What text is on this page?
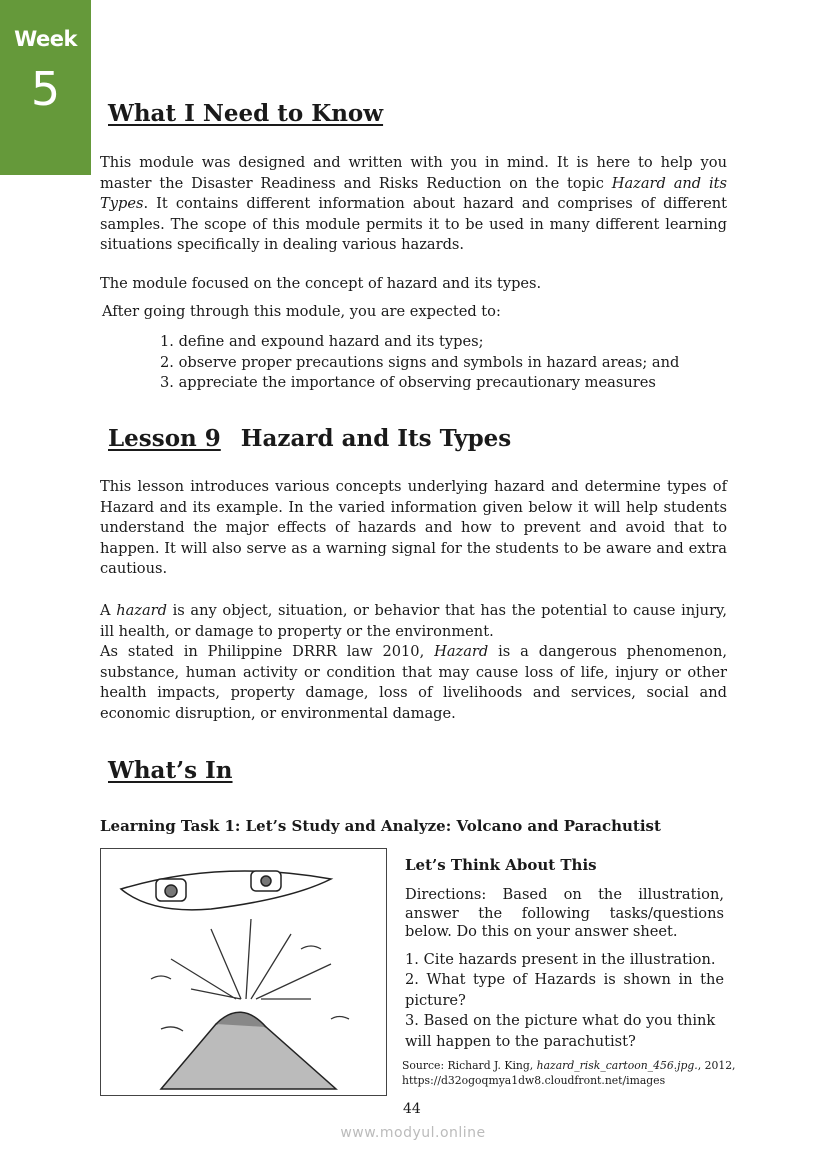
Week
5	What I Need to Know

This module was designed and written with you in mind. It is here to help you master the Disaster Readiness and Risks Reduction on the topic Hazard and its Types. It contains different information about hazard and comprises of different samples. The scope of this module permits it to be used in many different learning situations specifically in dealing various hazards.

The module focused on the concept of hazard and its types.

After going through this module, you are expected to:

1. define and expound hazard and its types;
2. observe proper precautions signs and symbols in hazard areas; and
3. appreciate the importance of observing precautionary measures
Lesson 9 Hazard and Its Types

This lesson introduces various concepts underlying hazard and determine types of Hazard and its example. In the varied information given below it will help students understand the major effects of hazards and how to prevent and avoid that to happen. It will also serve as a warning signal for the students to be aware and extra cautious.

A hazard is any object, situation, or behavior that has the potential to cause injury, ill health, or damage to property or the environment.

As stated in Philippine DRRR law 2010, Hazard is a dangerous phenomenon, substance, human activity or condition that may cause loss of life, injury or other health impacts, property damage, loss of livelihoods and services, social and economic disruption, or environmental damage.

What’s In
Learning Task 1: Let’s Study and Analyze: Volcano and Parachutist
Let’s Think About This
Directions: Based on the illustration, answer the following tasks/questions below. Do this on your answer sheet.
1. Cite hazards present in the illustration.
2. What type of Hazards is shown in the picture?
3. Based on the picture what do you think will happen to the parachutist?
Source: Richard J. King, hazard_risk_cartoon_456.jpg., 2012, https://d32ogoqmya1dw8.cloudfront.net/images
44
www.modyul.online
